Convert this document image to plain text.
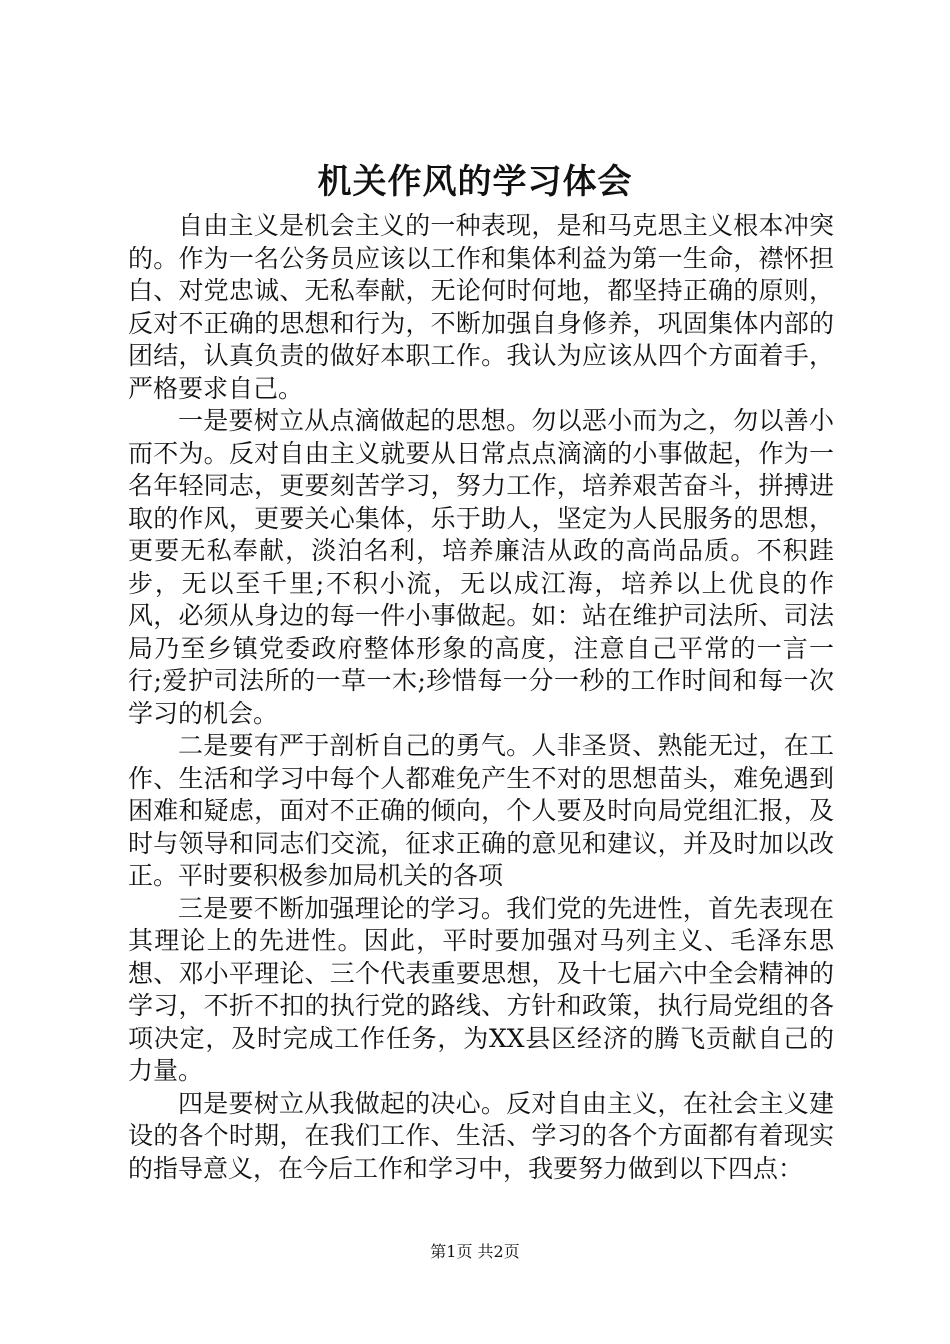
机关作风的学习体会

自由主义是机会主义的一种表现，是和马克思主义根本冲突的。作为一名公务员应该以工作和集体利益为第一生命，襟怀担白、对党忠诚、无私奉献，无论何时何地，都坚持正确的原则，反对不正确的思想和行为，不断加强自身修养，巩固集体内部的团结，认真负责的做好本职工作。我认为应该从四个方面着手，严格要求自己。

一是要树立从点滴做起的思想。勿以恶小而为之，勿以善小而不为。反对自由主义就要从日常点点滴滴的小事做起，作为一名年轻同志，更要刻苦学习，努力工作，培养艰苦奋斗，拼搏进取的作风，更要关心集体，乐于助人，坚定为人民服务的思想，更要无私奉献，淡泊名利，培养廉洁从政的高尚品质。不积跬步，无以至千里;不积小流，无以成江海，培养以上优良的作风，必须从身边的每一件小事做起。如：站在维护司法所、司法局乃至乡镇党委政府整体形象的高度，注意自己平常的一言一行;爱护司法所的一草一木;珍惜每一分一秒的工作时间和每一次学习的机会。

二是要有严于剖析自己的勇气。人非圣贤、熟能无过，在工作、生活和学习中每个人都难免产生不对的思想苗头，难免遇到困难和疑虑，面对不正确的倾向，个人要及时向局党组汇报，及时与领导和同志们交流，征求正确的意见和建议，并及时加以改正。平时要积极参加局机关的各项

三是要不断加强理论的学习。我们党的先进性，首先表现在其理论上的先进性。因此，平时要加强对马列主义、毛泽东思想、邓小平理论、三个代表重要思想，及十七届六中全会精神的学习，不折不扣的执行党的路线、方针和政策，执行局党组的各项决定，及时完成工作任务，为XX县区经济的腾飞贡献自己的力量。

四是要树立从我做起的决心。反对自由主义，在社会主义建设的各个时期，在我们工作、生活、学习的各个方面都有着现实的指导意义，在今后工作和学习中，我要努力做到以下四点：

第1页 共2页
